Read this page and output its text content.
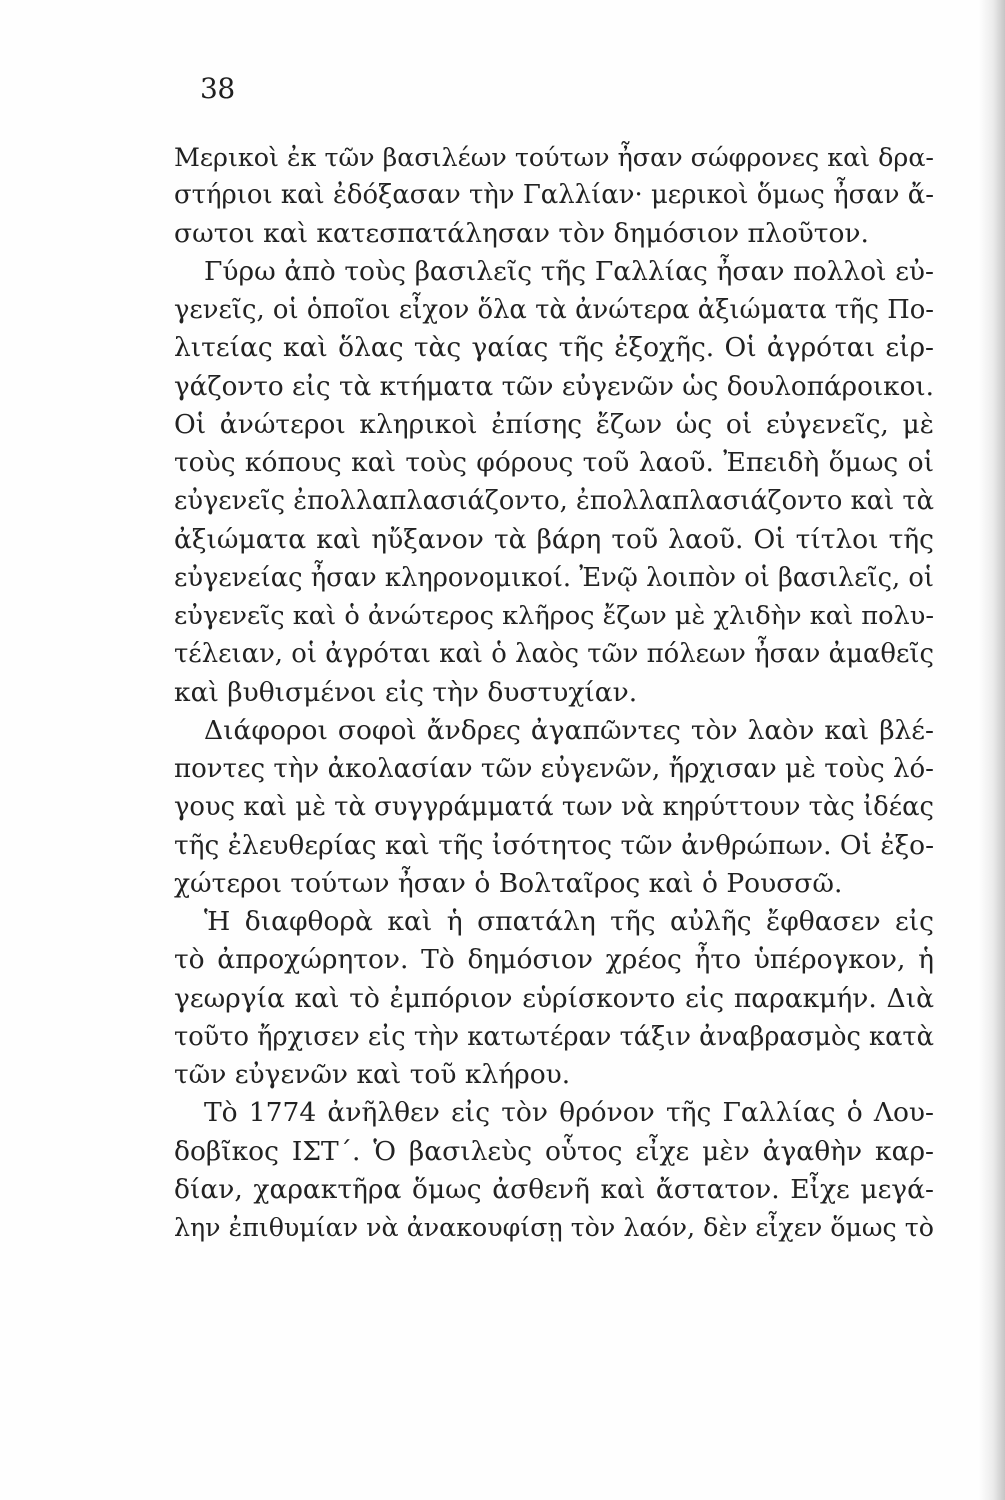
38
Μερικοὶ ἐκ τῶν βασιλέων τούτων ἦσαν σώφρονες καὶ δρα-
στήριοι καὶ ἐδόξασαν τὴν Γαλλίαν· μερικοὶ ὅμως ἦσαν ἄ-
σωτοι καὶ κατεσπατάλησαν τὸν δημόσιον πλοῦτον.
Γύρω ἀπὸ τοὺς βασιλεῖς τῆς Γαλλίας ἦσαν πολλοὶ εὐ-
γενεῖς, οἱ ὁποῖοι εἶχον ὅλα τὰ ἀνώτερα ἀξιώματα τῆς Πο-
λιτείας καὶ ὅλας τὰς γαίας τῆς ἐξοχῆς. Οἱ ἀγρόται εἰρ-
γάζοντο εἰς τὰ κτήματα τῶν εὐγενῶν ὡς δουλοπάροικοι.
Οἱ ἀνώτεροι κληρικοὶ ἐπίσης ἔζων ὡς οἱ εὐγενεῖς, μὲ
τοὺς κόπους καὶ τοὺς φόρους τοῦ λαοῦ. Ἐπειδὴ ὅμως οἱ
εὐγενεῖς ἐπολλαπλασιάζοντο, ἐπολλαπλασιάζοντο καὶ τὰ
ἀξιώματα καὶ ηὔξανον τὰ βάρη τοῦ λαοῦ. Οἱ τίτλοι τῆς
εὐγενείας ἦσαν κληρονομικοί. Ἐνῷ λοιπὸν οἱ βασιλεῖς, οἱ
εὐγενεῖς καὶ ὁ ἀνώτερος κλῆρος ἔζων μὲ χλιδὴν καὶ πολυ-
τέλειαν, οἱ ἀγρόται καὶ ὁ λαὸς τῶν πόλεων ἦσαν ἀμαθεῖς
καὶ βυθισμένοι εἰς τὴν δυστυχίαν.
Διάφοροι σοφοὶ ἄνδρες ἀγαπῶντες τὸν λαὸν καὶ βλέ-
ποντες τὴν ἀκολασίαν τῶν εὐγενῶν, ἤρχισαν μὲ τοὺς λό-
γους καὶ μὲ τὰ συγγράμματά των νὰ κηρύττουν τὰς ἰδέας
τῆς ἐλευθερίας καὶ τῆς ἰσότητος τῶν ἀνθρώπων. Οἱ ἐξο-
χώτεροι τούτων ἦσαν ὁ Βολταῖρος καὶ ὁ Ρουσσῶ.
Ἡ διαφθορὰ καὶ ἡ σπατάλη τῆς αὐλῆς ἔφθασεν εἰς
τὸ ἀπροχώρητον. Τὸ δημόσιον χρέος ἦτο ὑπέρογκον, ἡ
γεωργία καὶ τὸ ἐμπόριον εὑρίσκοντο εἰς παρακμήν. Διὰ
τοῦτο ἤρχισεν εἰς τὴν κατωτέραν τάξιν ἀναβρασμὸς κατὰ
τῶν εὐγενῶν καὶ τοῦ κλήρου.
Τὸ 1774 ἀνῆλθεν εἰς τὸν θρόνον τῆς Γαλλίας ὁ Λου-
δοβῖκος ΙΣΤ΄. Ὁ βασιλεὺς οὗτος εἶχε μὲν ἀγαθὴν καρ-
δίαν, χαρακτῆρα ὅμως ἀσθενῆ καὶ ἄστατον. Εἶχε μεγά-
λην ἐπιθυμίαν νὰ ἀνακουφίσῃ τὸν λαόν, δὲν εἶχεν ὅμως τὸ
